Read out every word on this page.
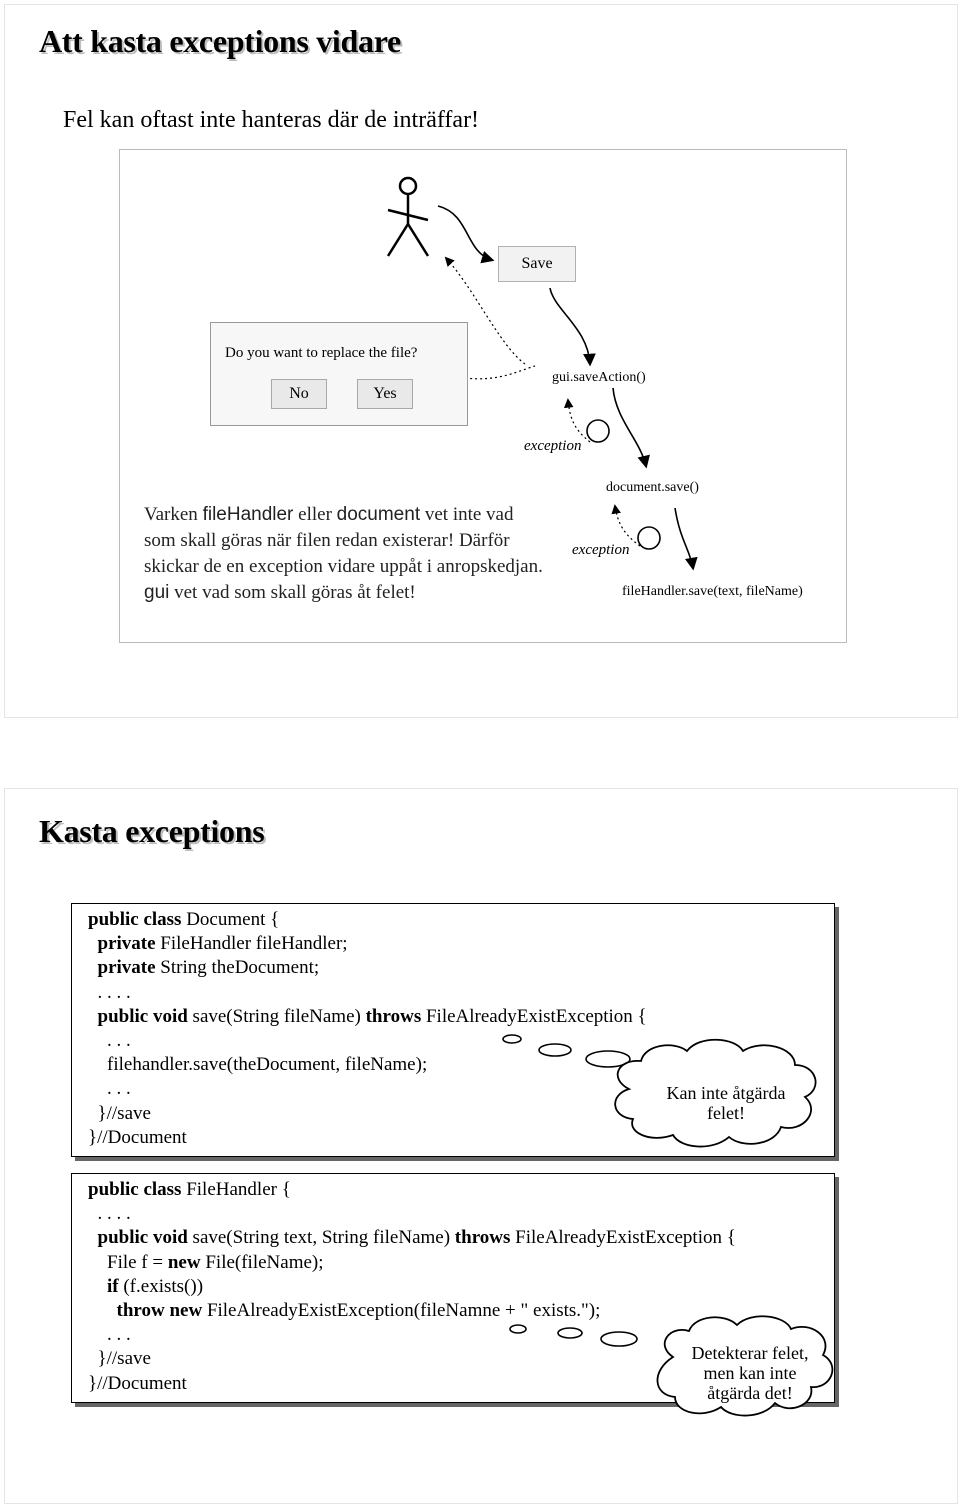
Att kasta exceptions vidare
Fel kan oftast inte hanteras där de inträffar!
Save
Do you want to replace the file?
No	Yes
gui.saveAction()
exception
document.save()
exception
fileHandler.save(text, fileName)
Varken fileHandler eller document vet inte vad som skall göras när filen redan existerar! Därför skickar de en exception vidare uppåt i anropskedjan. gui vet vad som skall göras åt felet!
Kasta exceptions
public class Document {
private FileHandler fileHandler;
private String theDocument;
. . . .
public void save(String fileName) throws FileAlreadyExistException {
. . .
filehandler.save(theDocument, fileName);
. . .
}//save
}//Document
public class FileHandler {
. . . .
public void save(String text, String fileName) throws FileAlreadyExistException {
File f = new File(fileName);
if (f.exists())
throw new FileAlreadyExistException(fileNamne + " exists.");
. . .
}//save
}//Document
Kan inte åtgärda
felet!
Detekterar felet,
men kan inte
åtgärda det!
